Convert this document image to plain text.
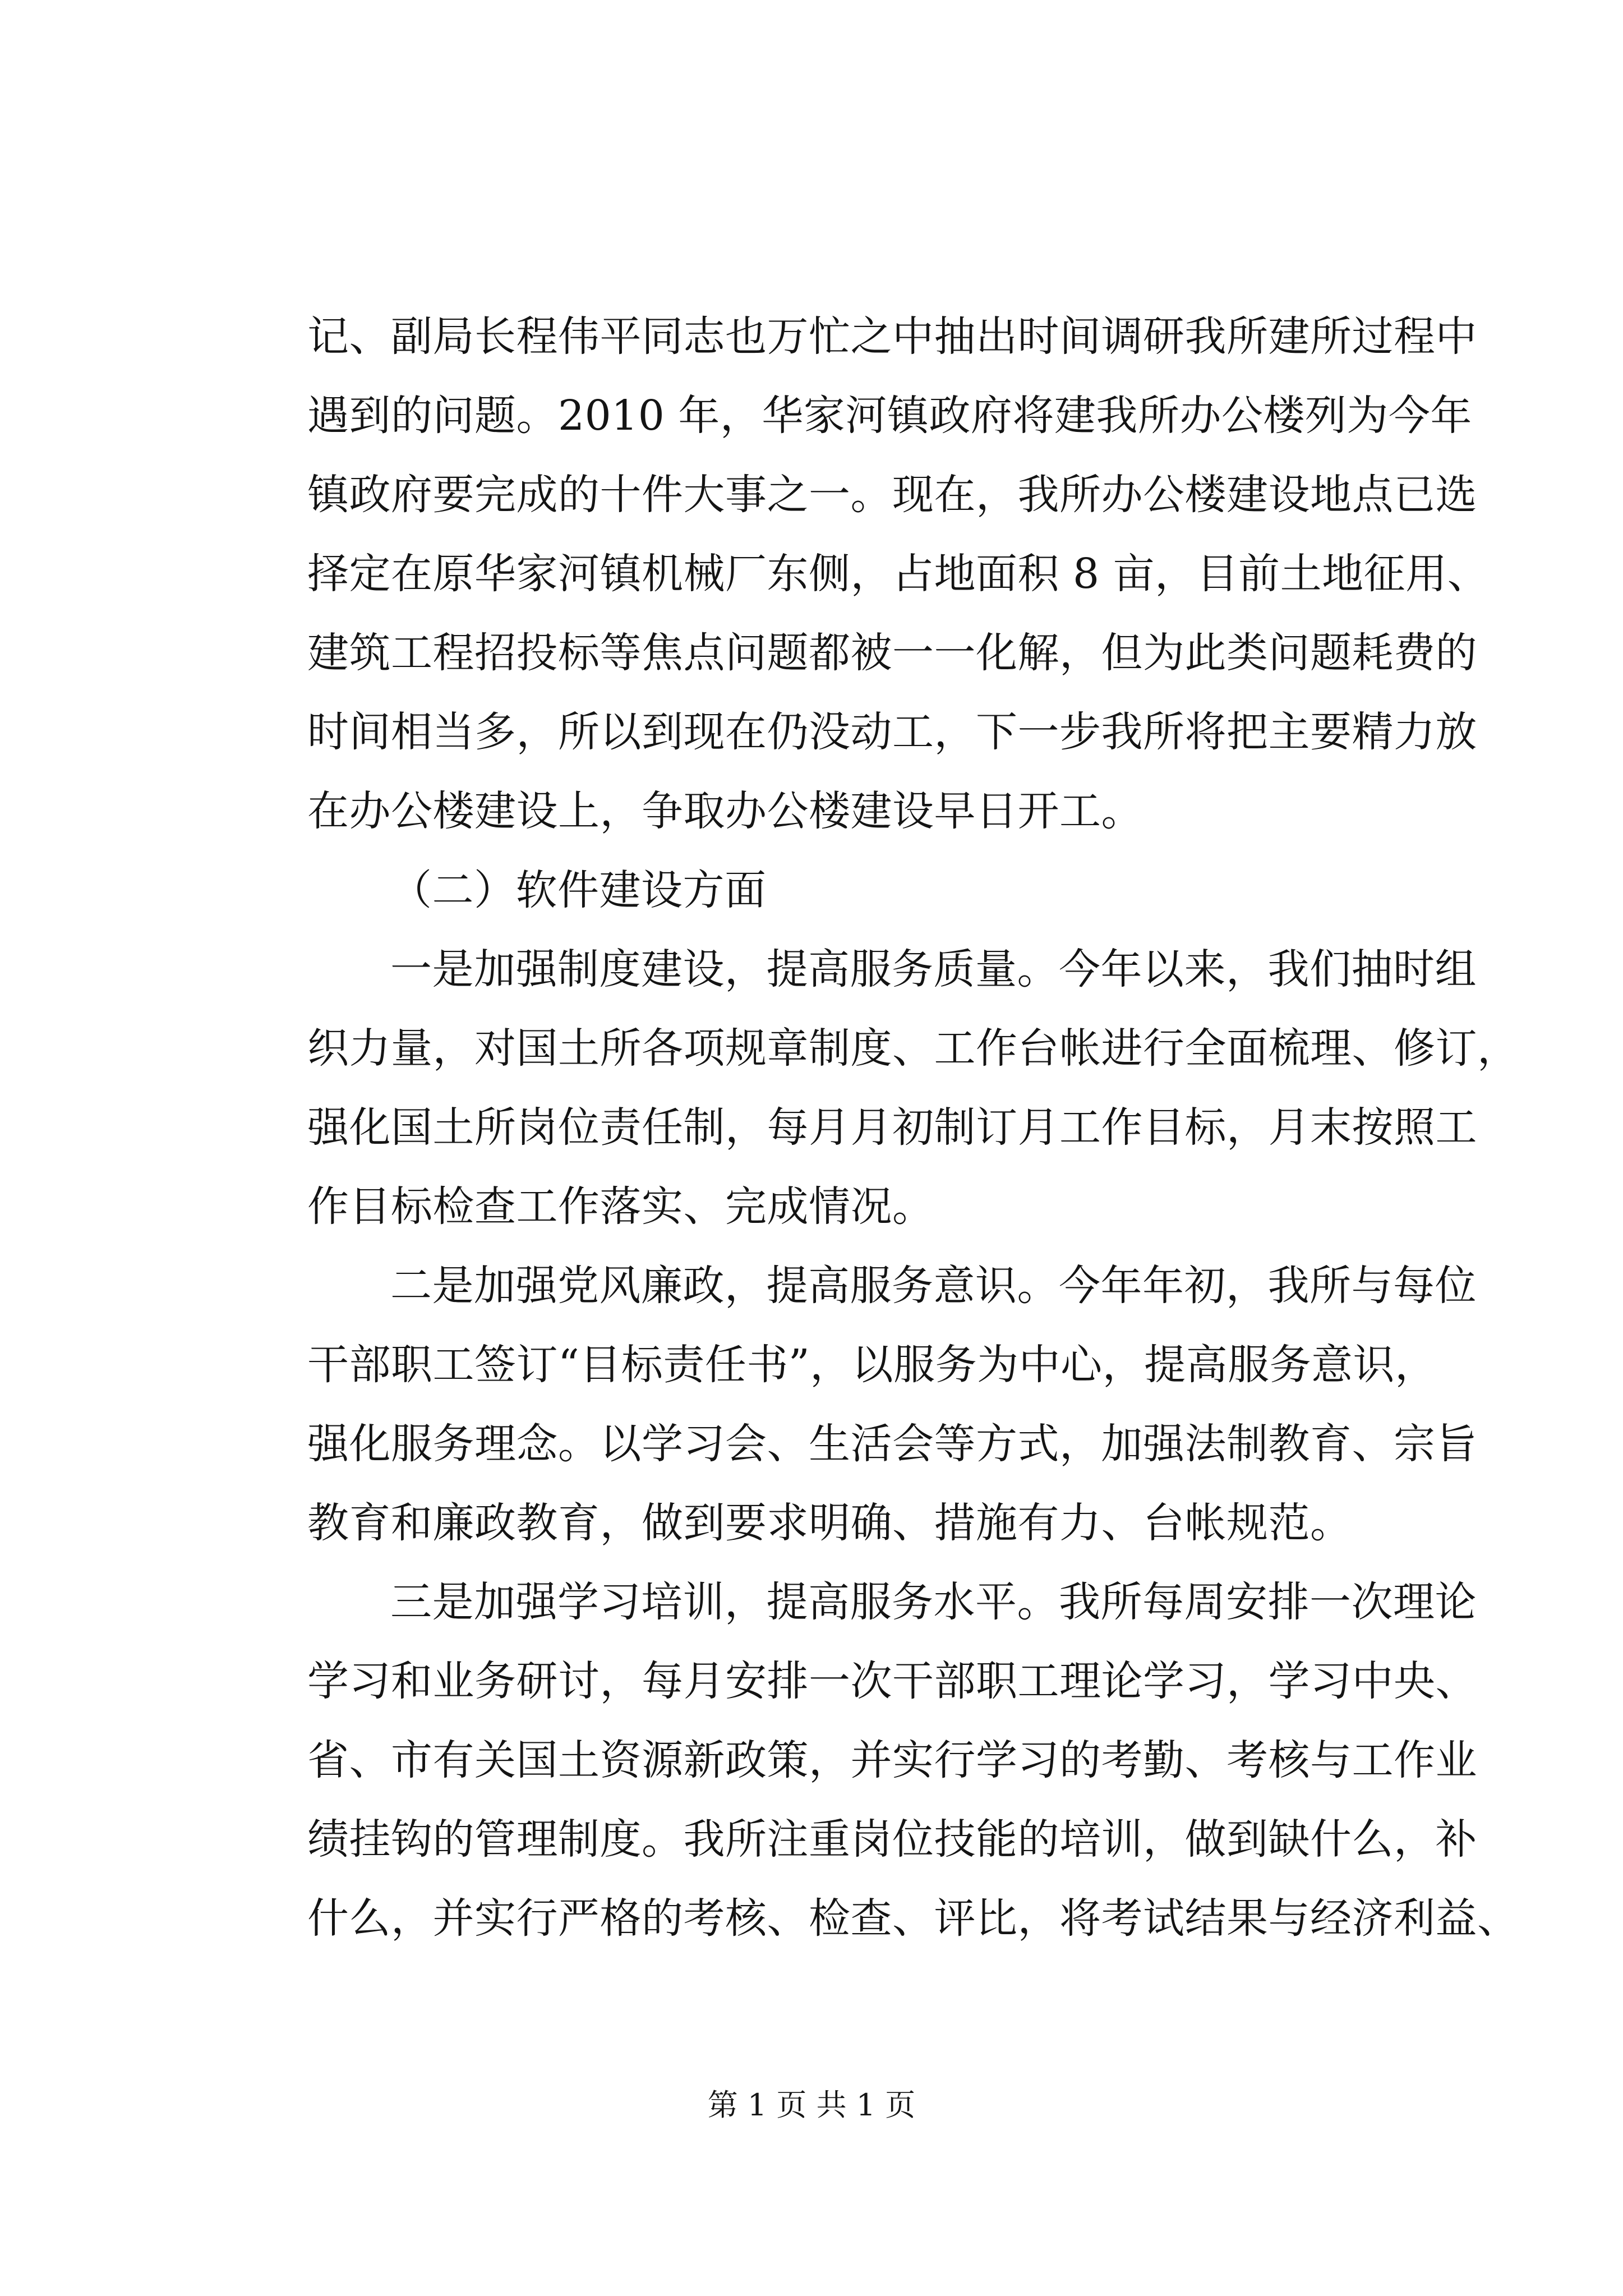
记、副局长程伟平同志也万忙之中抽出时间调研我所建所过程中
遇到的问题。2010 年，华家河镇政府将建我所办公楼列为今年
镇政府要完成的十件大事之一。现在，我所办公楼建设地点已选
择定在原华家河镇机械厂东侧，占地面积 8 亩，目前土地征用、
建筑工程招投标等焦点问题都被一一化解，但为此类问题耗费的
时间相当多，所以到现在仍没动工，下一步我所将把主要精力放
在办公楼建设上，争取办公楼建设早日开工。
（二）软件建设方面
一是加强制度建设，提高服务质量。今年以来，我们抽时组
织力量，对国土所各项规章制度、工作台帐进行全面梳理、修订，
强化国土所岗位责任制，每月月初制订月工作目标，月末按照工
作目标检查工作落实、完成情况。
二是加强党风廉政，提高服务意识。今年年初，我所与每位
干部职工签订“目标责任书”，以服务为中心，提高服务意识，
强化服务理念。以学习会、生活会等方式，加强法制教育、宗旨
教育和廉政教育，做到要求明确、措施有力、台帐规范。
三是加强学习培训，提高服务水平。我所每周安排一次理论
学习和业务研讨，每月安排一次干部职工理论学习，学习中央、
省、市有关国土资源新政策，并实行学习的考勤、考核与工作业
绩挂钩的管理制度。我所注重岗位技能的培训，做到缺什么，补
什么，并实行严格的考核、检查、评比，将考试结果与经济利益、
第 1 页 共 1 页
